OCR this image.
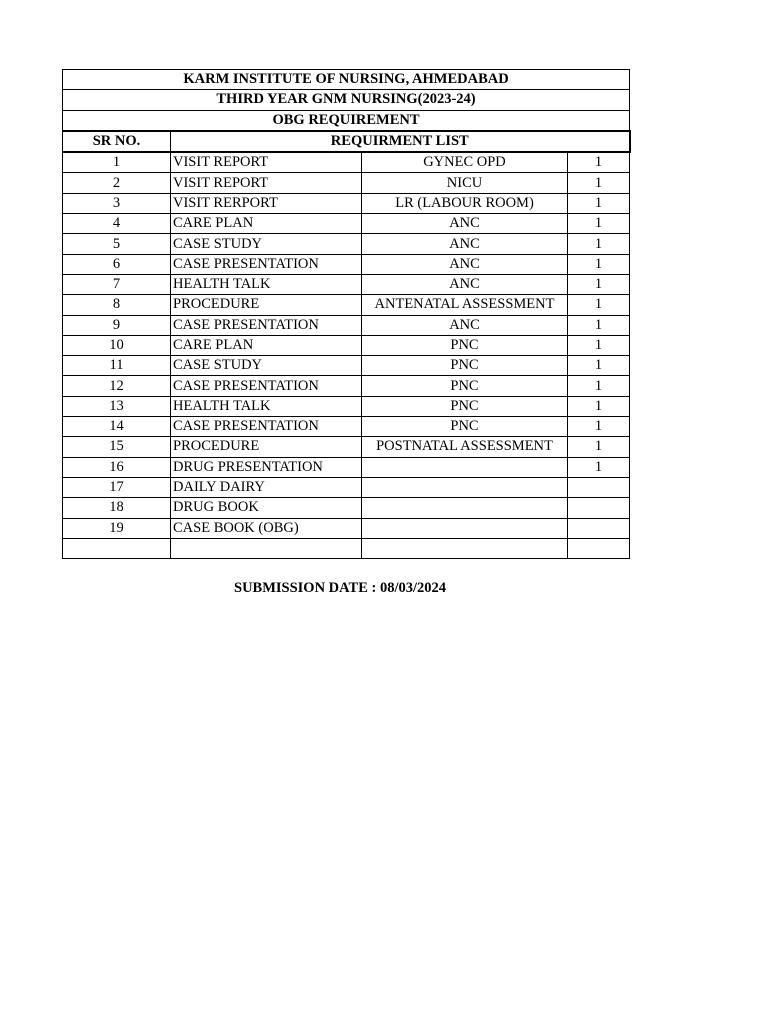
KARM INSTITUTE OF NURSING, AHMEDABAD			
THIRD YEAR GNM NURSING(2023-24)			
OBG REQUIREMENT			
SR NO.	REQUIRMENT LIST		
1	VISIT REPORT	GYNEC OPD	1
2	VISIT REPORT	NICU	1
3	VISIT RERPORT	LR (LABOUR ROOM)	1
4	CARE PLAN	ANC	1
5	CASE STUDY	ANC	1
6	CASE PRESENTATION	ANC	1
7	HEALTH TALK	ANC	1
8	PROCEDURE	ANTENATAL ASSESSMENT	1
9	CASE PRESENTATION	ANC	1
10	CARE PLAN	PNC	1
11	CASE STUDY	PNC	1
12	CASE PRESENTATION	PNC	1
13	HEALTH TALK	PNC	1
14	CASE PRESENTATION	PNC	1
15	PROCEDURE	POSTNATAL ASSESSMENT	1
16	DRUG PRESENTATION		1
17	DAILY DAIRY		
18	DRUG BOOK		
19	CASE BOOK (OBG)		

SUBMISSION DATE : 08/03/2024
